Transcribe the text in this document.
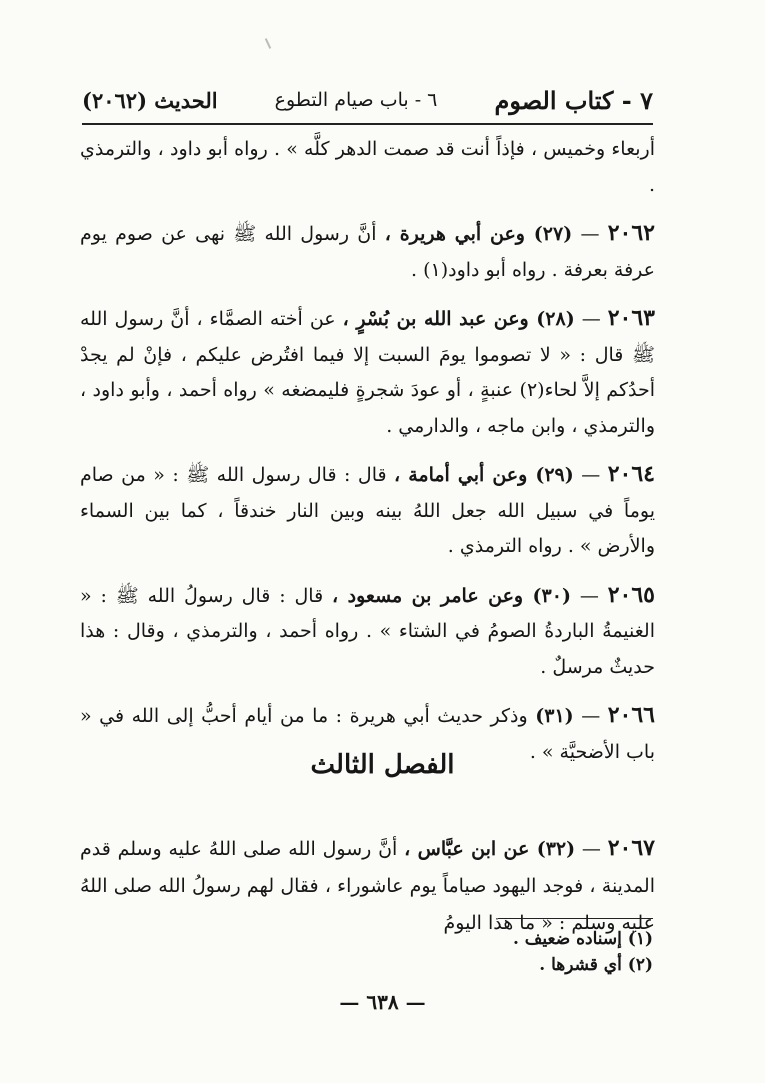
٧ - كتاب الصوم
٦ - باب صيام التطوع
الحديث (٢٠٦٢)

أربعاء وخميس ، فإذاً أنت قد صمت الدهر كلَّه » . رواه أبو داود ، والترمذي .

٢٠٦٢ — (٢٧) وعن أبي هريرة ، أنَّ رسول الله ﷺ نهى عن صوم يوم عرفة بعرفة . رواه أبو داود(١) .

٢٠٦٣ — (٢٨) وعن عبد الله بن بُسْرٍ ، عن أخته الصمَّاء ، أنَّ رسول الله ﷺ قال : « لا تصوموا يومَ السبت إلا فيما افتُرض عليكم ، فإنْ لم يجدْ أحدُكم إلاَّ لحاء(٢) عنبةٍ ، أو عودَ شجرةٍ فليمضغه » رواه أحمد ، وأبو داود ، والترمذي ، وابن ماجه ، والدارمي .

٢٠٦٤ — (٢٩) وعن أبي أمامة ، قال : قال رسول الله ﷺ : « من صام يوماً في سبيل الله جعل اللهُ بينه وبين النار خندقاً ، كما بين السماء والأرض » . رواه الترمذي .

٢٠٦٥ — (٣٠) وعن عامر بن مسعود ، قال : قال رسولُ الله ﷺ : « الغنيمةُ الباردةُ الصومُ في الشتاء » . رواه أحمد ، والترمذي ، وقال : هذا حديثٌ مرسلٌ .

٢٠٦٦ — (٣١) وذكر حديث أبي هريرة : ما من أيام أحبُّ إلى الله في « باب الأضحيَّة » .

الفصل الثالث

٢٠٦٧ — (٣٢) عن ابن عبَّاس ، أنَّ رسول الله صلى اللهُ عليه وسلم قدم المدينة ، فوجد اليهود صياماً يوم عاشوراء ، فقال لهم رسولُ الله صلى اللهُ عليه وسلم : « ما هذا اليومُ

(١) إسناده ضعيف .
(٢) أي قشرها .
— ٦٣٨ —
